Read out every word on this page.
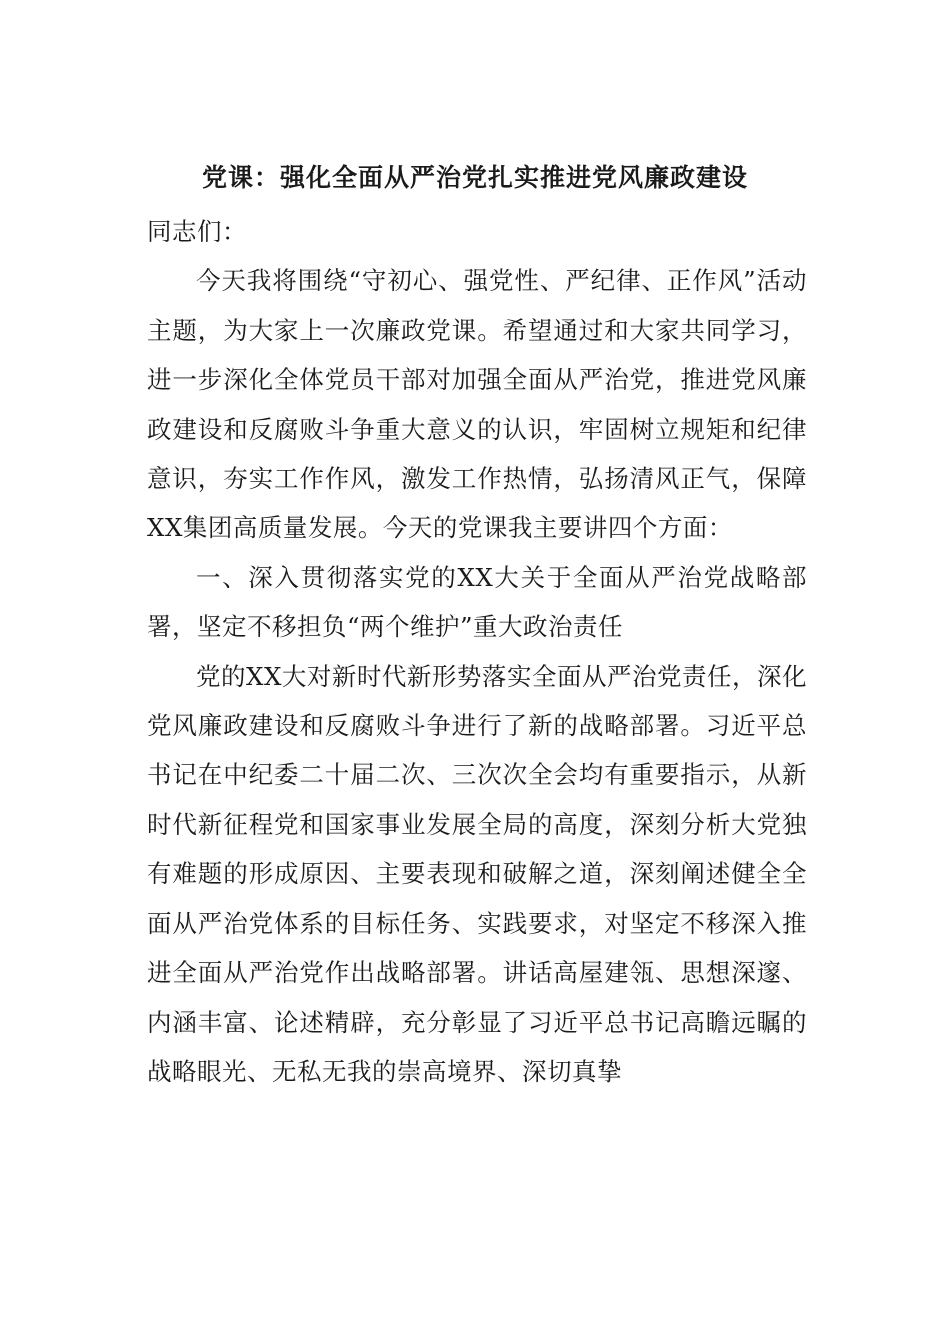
党课：强化全面从严治党扎实推进党风廉政建设

同志们：

今天我将围绕“守初心、强党性、严纪律、正作风”活动主题，为大家上一次廉政党课。希望通过和大家共同学习，进一步深化全体党员干部对加强全面从严治党，推进党风廉政建设和反腐败斗争重大意义的认识，牢固树立规矩和纪律意识，夯实工作作风，激发工作热情，弘扬清风正气，保障XX集团高质量发展。今天的党课我主要讲四个方面：

一、深入贯彻落实党的XX大关于全面从严治党战略部署，坚定不移担负“两个维护”重大政治责任

党的XX大对新时代新形势落实全面从严治党责任，深化党风廉政建设和反腐败斗争进行了新的战略部署。习近平总书记在中纪委二十届二次、三次次全会均有重要指示，从新时代新征程党和国家事业发展全局的高度，深刻分析大党独有难题的形成原因、主要表现和破解之道，深刻阐述健全全面从严治党体系的目标任务、实践要求，对坚定不移深入推进全面从严治党作出战略部署。讲话高屋建瓴、思想深邃、内涵丰富、论述精辟，充分彰显了习近平总书记高瞻远瞩的战略眼光、无私无我的崇高境界、深切真挚
